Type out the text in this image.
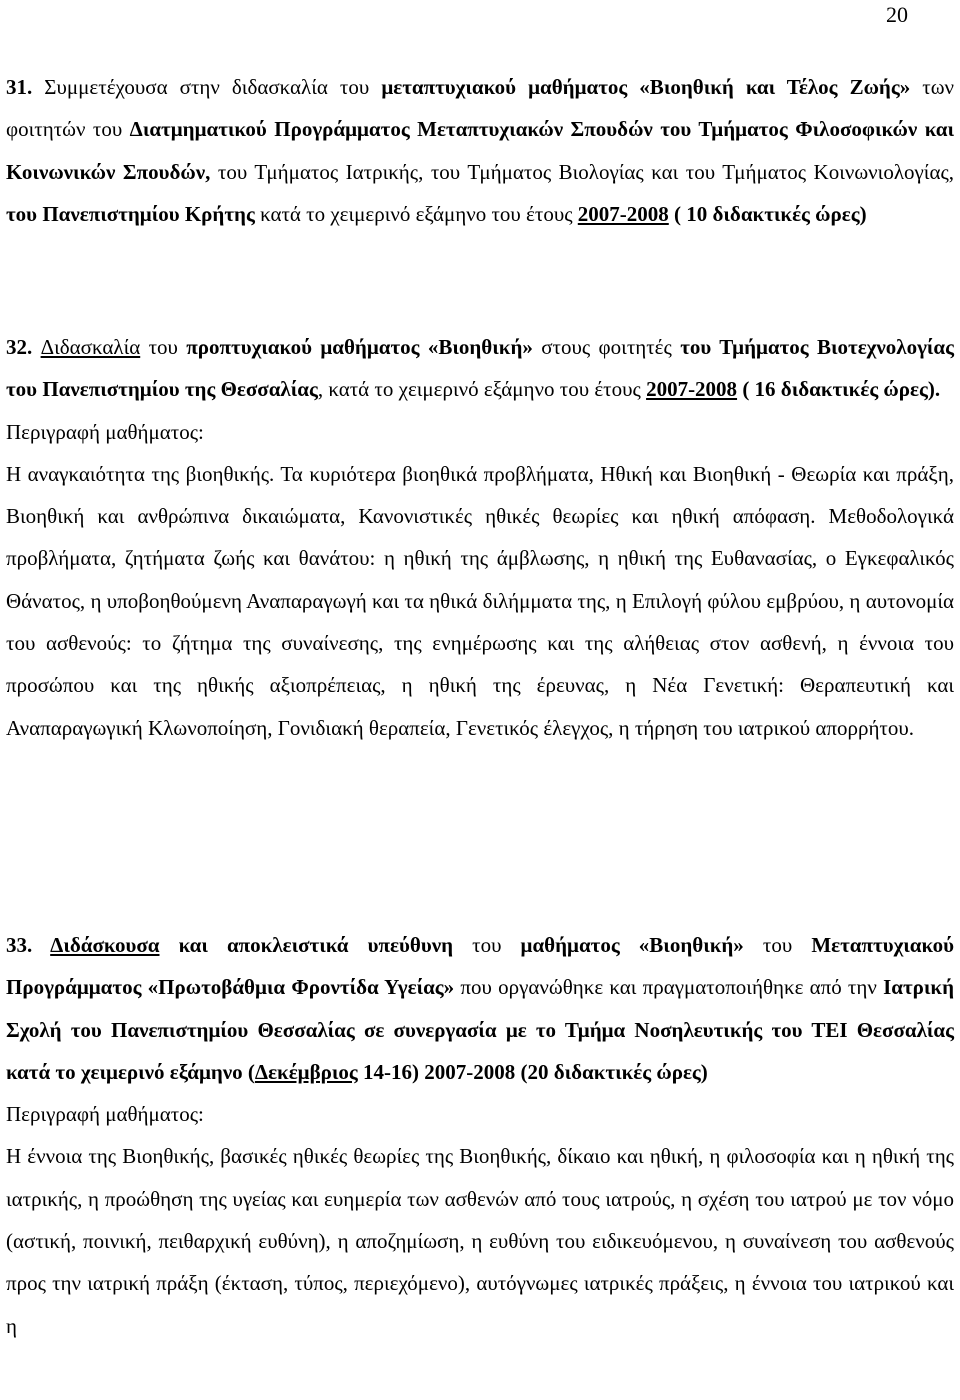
20

31. Συμμετέχουσα στην διδασκαλία του μεταπτυχιακού μαθήματος «Βιοηθική και Τέλος Ζωής» των φοιτητών του Διατμηματικού Προγράμματος Μεταπτυχιακών Σπουδών του Τμήματος Φιλοσοφικών και Κοινωνικών Σπουδών, του Τμήματος Ιατρικής, του Τμήματος Βιολογίας και του Τμήματος Κοινωνιολογίας, του Πανεπιστημίου Κρήτης κατά το χειμερινό εξάμηνο του έτους 2007-2008 ( 10 διδακτικές ώρες)

32. Διδασκαλία του προπτυχιακού μαθήματος «Βιοηθική» στους φοιτητές του Τμήματος Βιοτεχνολογίας του Πανεπιστημίου της Θεσσαλίας, κατά το χειμερινό εξάμηνο του έτους 2007-2008 ( 16 διδακτικές ώρες).

Περιγραφή μαθήματος:

Η αναγκαιότητα της βιοηθικής. Τα κυριότερα βιοηθικά προβλήματα, Ηθική και Βιοηθική - Θεωρία και πράξη, Βιοηθική και ανθρώπινα δικαιώματα, Κανονιστικές ηθικές θεωρίες και ηθική απόφαση. Μεθοδολογικά προβλήματα, ζητήματα ζωής και θανάτου: η ηθική της άμβλωσης, η ηθική της Ευθανασίας, ο Εγκεφαλικός Θάνατος, η υποβοηθούμενη Αναπαραγωγή και τα ηθικά διλήμματα της, η Επιλογή φύλου εμβρύου, η αυτονομία του ασθενούς: το ζήτημα της συναίνεσης, της ενημέρωσης και της αλήθειας στον ασθενή, η έννοια του προσώπου και της ηθικής αξιοπρέπειας, η ηθική της έρευνας, η Νέα Γενετική: Θεραπευτική και Αναπαραγωγική Κλωνοποίηση, Γονιδιακή θεραπεία, Γενετικός έλεγχος, η τήρηση του ιατρικού απορρήτου.

33. Διδάσκουσα και αποκλειστικά υπεύθυνη του μαθήματος «Βιοηθική» του Μεταπτυχιακού Προγράμματος «Πρωτοβάθμια Φροντίδα Υγείας» που οργανώθηκε και πραγματοποιήθηκε από την Ιατρική Σχολή του Πανεπιστημίου Θεσσαλίας σε συνεργασία με το Τμήμα Νοσηλευτικής του ΤΕΙ Θεσσαλίας κατά το χειμερινό εξάμηνο (Δεκέμβριος 14-16) 2007-2008 (20 διδακτικές ώρες)

Περιγραφή μαθήματος:

Η έννοια της Βιοηθικής, βασικές ηθικές θεωρίες της Βιοηθικής, δίκαιο και ηθική, η φιλοσοφία και η ηθική της ιατρικής, η προώθηση της υγείας και ευημερία των ασθενών από τους ιατρούς, η σχέση του ιατρού με τον νόμο (αστική, ποινική, πειθαρχική ευθύνη), η αποζημίωση, η ευθύνη του ειδικευόμενου, η συναίνεση του ασθενούς προς την ιατρική πράξη (έκταση, τύπος, περιεχόμενο), αυτόγνωμες ιατρικές πράξεις, η έννοια του ιατρικού και η
